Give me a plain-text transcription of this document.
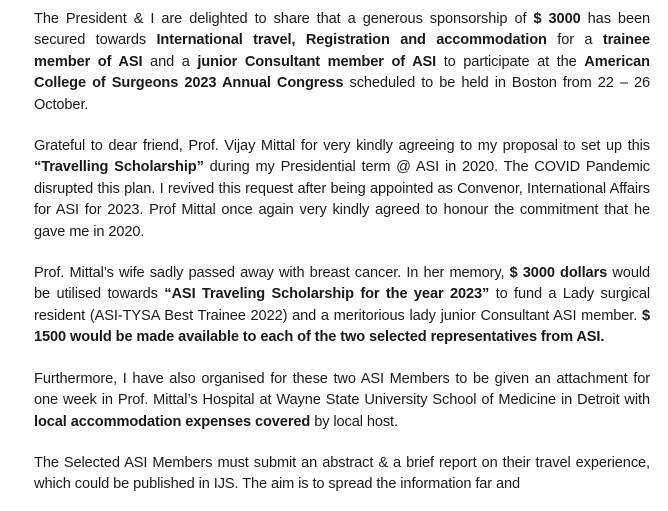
The President & I are delighted to share that a generous sponsorship of $ 3000 has been secured towards International travel, Registration and accommodation for a trainee member of ASI and a junior Consultant member of ASI to participate at the American College of Surgeons 2023 Annual Congress scheduled to be held in Boston from 22 – 26 October.

Grateful to dear friend, Prof. Vijay Mittal for very kindly agreeing to my proposal to set up this “Travelling Scholarship” during my Presidential term @ ASI in 2020. The COVID Pandemic disrupted this plan. I revived this request after being appointed as Convenor, International Affairs for ASI for 2023. Prof Mittal once again very kindly agreed to honour the commitment that he gave me in 2020.

Prof. Mittal’s wife sadly passed away with breast cancer. In her memory, $ 3000 dollars would be utilised towards “ASI Traveling Scholarship for the year 2023” to fund a Lady surgical resident (ASI-TYSA Best Trainee 2022) and a meritorious lady junior Consultant ASI member. $ 1500 would be made available to each of the two selected representatives from ASI.

Furthermore, I have also organised for these two ASI Members to be given an attachment for one week in Prof. Mittal’s Hospital at Wayne State University School of Medicine in Detroit with local accommodation expenses covered by local host.

The Selected ASI Members must submit an abstract & a brief report on their travel experience, which could be published in IJS. The aim is to spread the information far and
